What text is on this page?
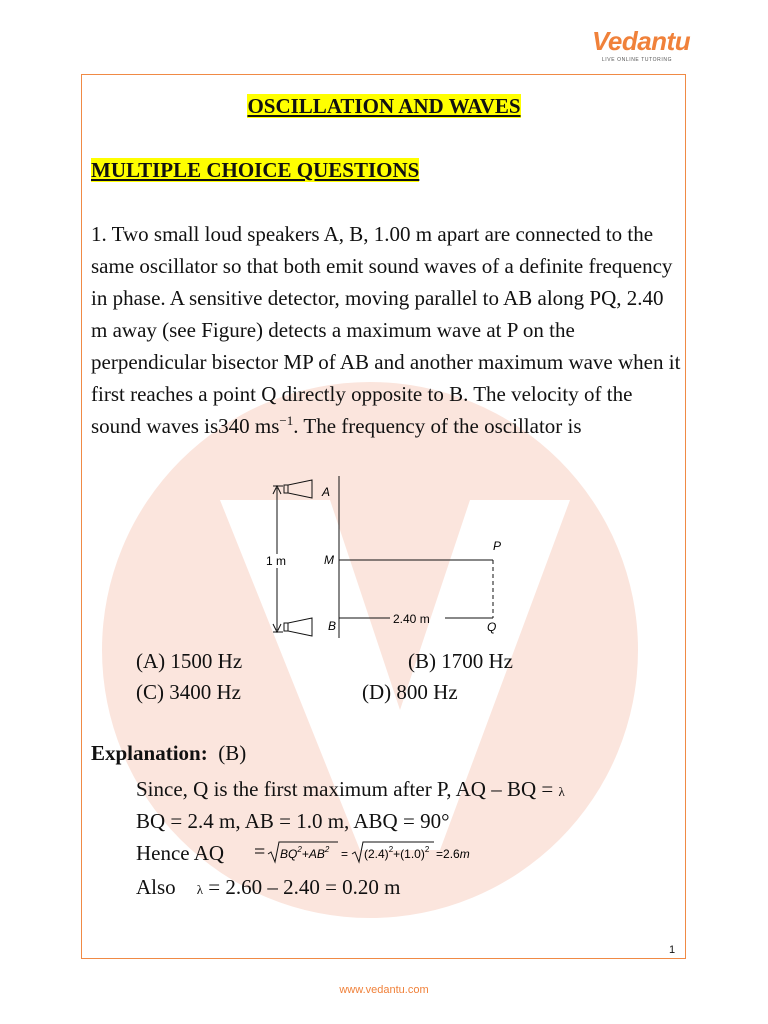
Vedantu
LIVE ONLINE TUTORING
OSCILLATION AND WAVES
MULTIPLE CHOICE QUESTIONS

1. Two small loud speakers A, B, 1.00 m apart are connected to the same oscillator so that both emit sound waves of a definite frequency in phase. A sensitive detector, moving parallel to AB along PQ, 2.40 m away (see Figure) detects a maximum wave at P on the perpendicular bisector MP of AB and another maximum wave when it first reaches a point Q directly opposite to B. The velocity of the sound waves is340 $ms^{-1}$. The frequency of the oscillator is

A
B
M
P
Q
1 m
2.40 m
(A) 1500 Hz	(B) 1700 Hz
(C) 3400 Hz	(D) 800 Hz
Explanation: (B)
Since, Q is the first maximum after P, AQ – BQ = λ
BQ = 2.4 m, AB = 1.0 m, ABQ = 90°
Hence AQ = $BQ^2+AB^2 = (2.4)^2+(1.0)^2 =2.6m$
Also λ = 2.60 – 2.40 = 0.20 m
1
www.vedantu.com
